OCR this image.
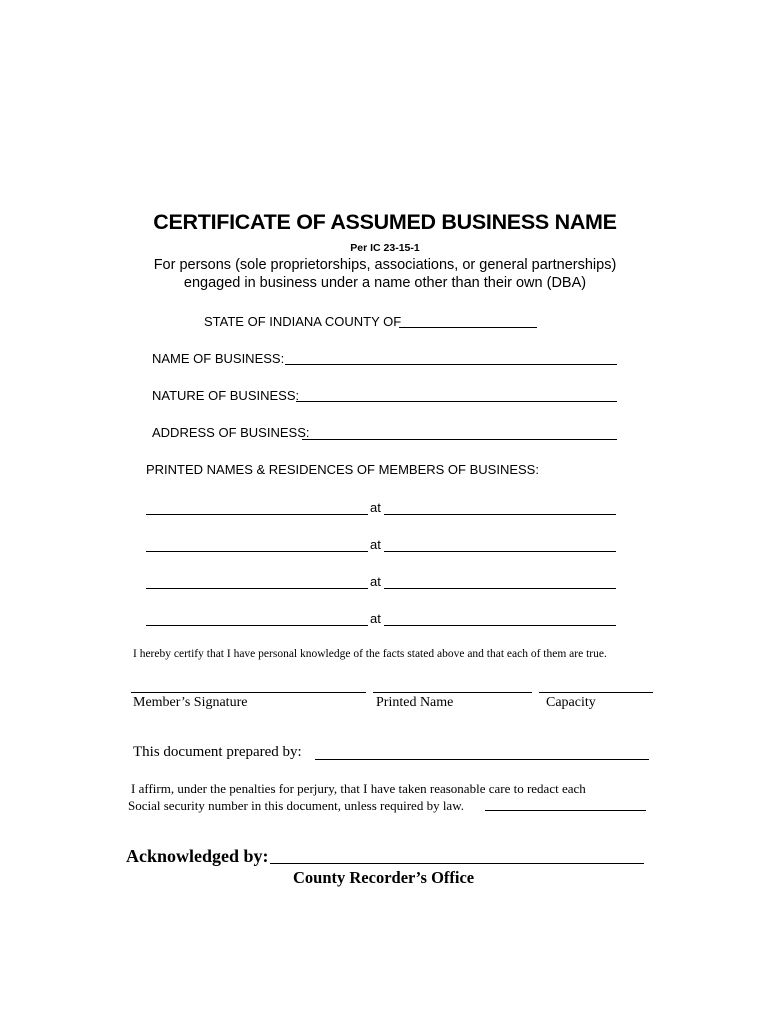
CERTIFICATE OF ASSUMED BUSINESS NAME
Per IC 23-15-1
For persons (sole proprietorships, associations, or general partnerships)
engaged in business under a name other than their own (DBA)
STATE OF INDIANA COUNTY OF
NAME OF BUSINESS:
NATURE OF BUSINESS:
ADDRESS OF BUSINESS:
PRINTED NAMES & RESIDENCES OF MEMBERS OF BUSINESS:
at
at
at
at
I hereby certify that I have personal knowledge of the facts stated above and that each of them are true.
Member’s Signature	Printed Name	Capacity
This document prepared by:
I affirm, under the penalties for perjury, that I have taken reasonable care to redact each
Social security number in this document, unless required by law.
Acknowledged by:
County Recorder’s Office
